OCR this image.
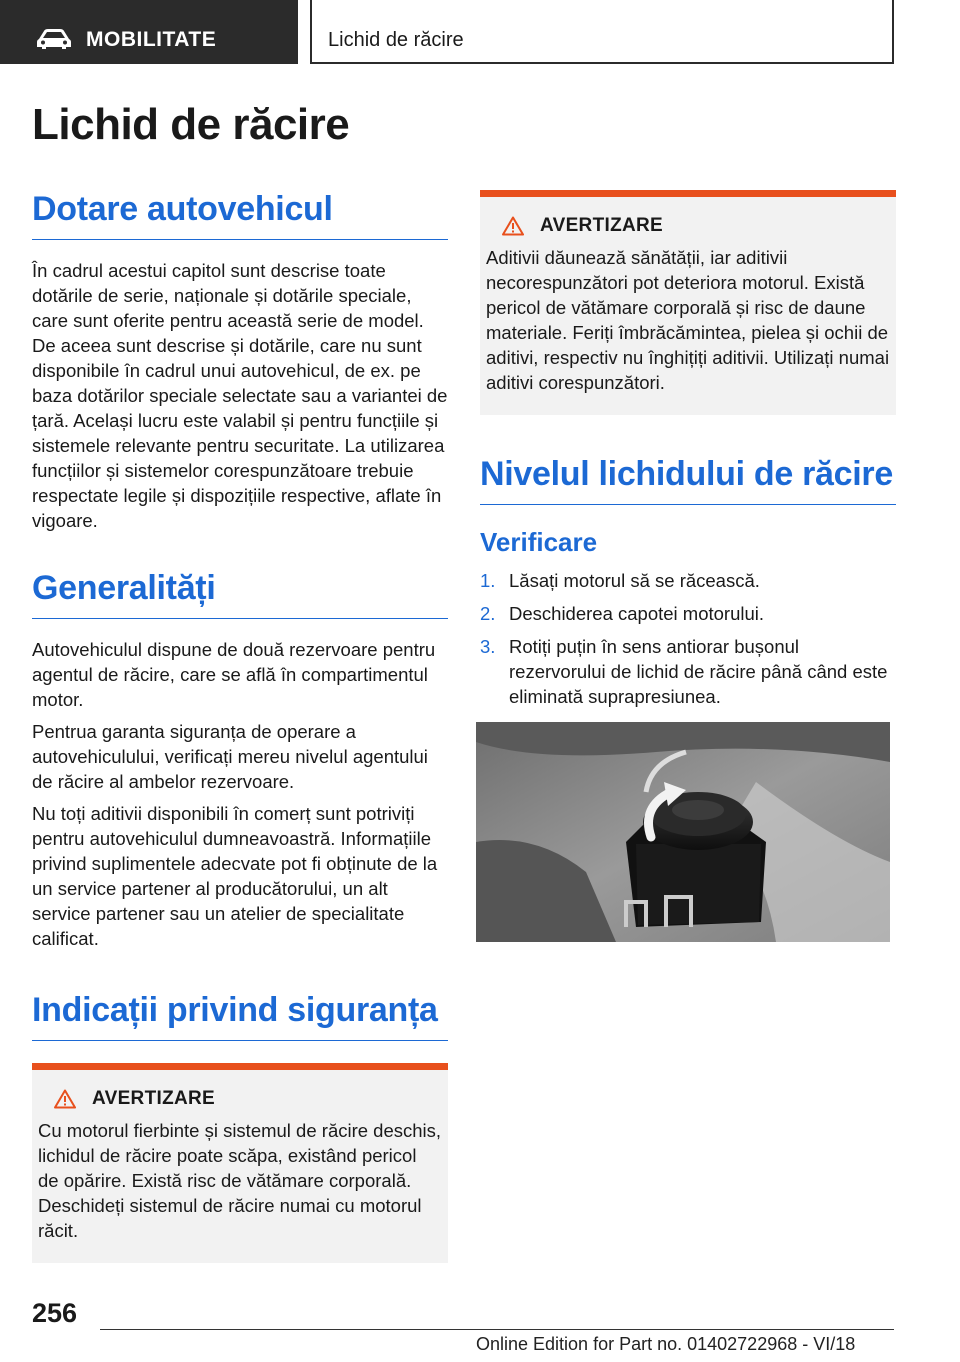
MOBILITATE	Lichid de răcire
Lichid de răcire
Dotare autovehicul

În cadrul acestui capitol sunt descrise toate dotările de serie, naționale și dotările speciale, care sunt oferite pentru această serie de model. De aceea sunt descrise și dotările, care nu sunt disponibile în cadrul unui autovehicul, de ex. pe baza dotărilor speciale selectate sau a variantei de țară. Același lucru este valabil și pentru funcțiile și sistemele relevante pentru securitate. La utilizarea funcțiilor și sistemelor corespunzătoare trebuie respectate legile și dispozițiile respective, aflate în vigoare.

Generalități

Autovehiculul dispune de două rezervoare pentru agentul de răcire, care se află în compartimentul motor.

Pentrua garanta siguranța de operare a autovehiculului, verificați mereu nivelul agentului de răcire al ambelor rezervoare.

Nu toți aditivii disponibili în comerț sunt potriviți pentru autovehiculul dumneavoastră. Informațiile privind suplimentele adecvate pot fi obținute de la un service partener al producătorului, un alt service partener sau un atelier de specialitate calificat.

Indicații privind siguranța
AVERTIZARE

Cu motorul fierbinte și sistemul de răcire deschis, lichidul de răcire poate scăpa, existând pericol de opărire. Există risc de vătămare corporală. Deschideți sistemul de răcire numai cu motorul răcit.

AVERTIZARE

Aditivii dăunează sănătății, iar aditivii necorespunzători pot deteriora motorul. Există pericol de vătămare corporală și risc de daune materiale. Feriți îmbrăcămintea, pielea și ochii de aditivi, respectiv nu înghițiți aditivii. Utilizați numai aditivi corespunzători.

Nivelul lichidului de răcire
Verificare
1. Lăsați motorul să se răcească.
2. Deschiderea capotei motorului.
3. Rotiți puțin în sens antiorar bușonul rezervorului de lichid de răcire până când este eliminată suprapresiunea.
256
Online Edition for Part no. 01402722968 - VI/18
